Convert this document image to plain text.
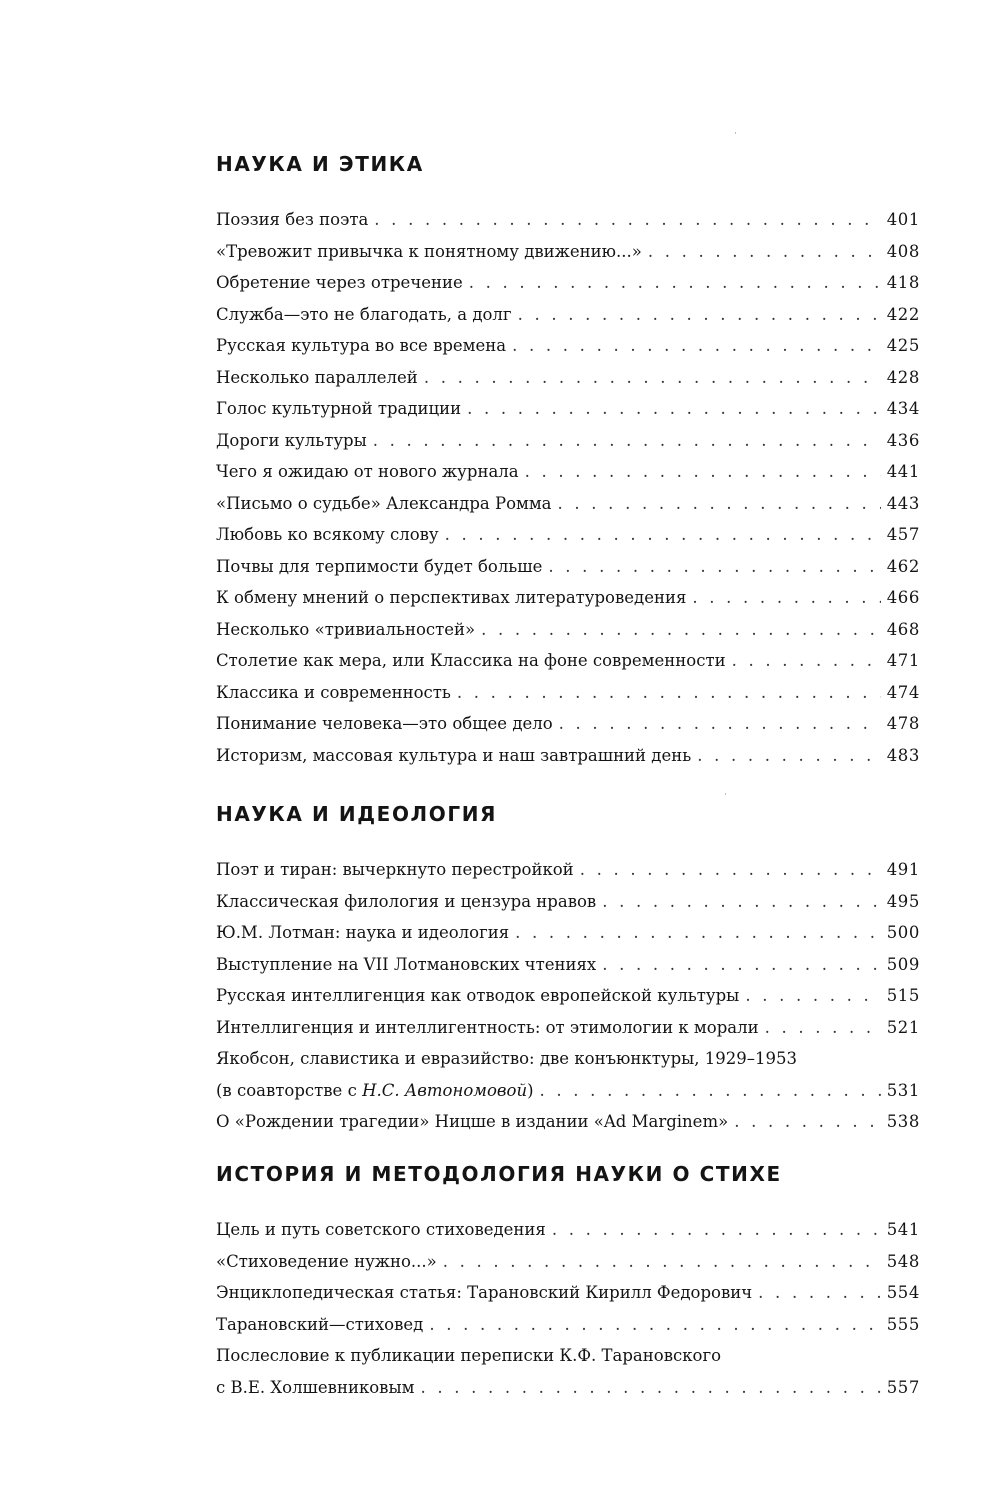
НАУКА И ЭТИКА
Поэзия без поэта . . .	401
«Тревожит привычка к понятному движению...» . . .	408
Обретение через отречение . . .	418
Служба—это не благодать, а долг . . .	422
Русская культура во все времена . . .	425
Несколько параллелей . . .	428
Голос культурной традиции . . .	434
Дороги культуры . . .	436
Чего я ожидаю от нового журнала . . .	441
«Письмо о судьбе» Александра Ромма . . .	443
Любовь ко всякому слову . . .	457
Почвы для терпимости будет больше . . .	462
К обмену мнений о перспективах литературоведения . . .	466
Несколько «тривиальностей» . . .	468
Столетие как мера, или Классика на фоне современности . . .	471
Классика и современность . . .	474
Понимание человека—это общее дело . . .	478
Историзм, массовая культура и наш завтрашний день . . .	483
НАУКА И ИДЕОЛОГИЯ
Поэт и тиран: вычеркнуто перестройкой . . .	491
Классическая филология и цензура нравов . . .	495
Ю.М. Лотман: наука и идеология . . .	500
Выступление на VII Лотмановских чтениях . . .	509
Русская интеллигенция как отводок европейской культуры . . .	515
Интеллигенция и интеллигентность: от этимологии к морали . . .	521
Якобсон, славистика и евразийство: две конъюнктуры, 1929–1953
(в соавторстве с Н.С. Автономовой) . . .	531
О «Рождении трагедии» Ницше в издании «Ad Marginem» . . .	538
ИСТОРИЯ И МЕТОДОЛОГИЯ НАУКИ О СТИХЕ
Цель и путь советского стиховедения . . .	541
«Стиховедение нужно...» . . .	548
Энциклопедическая статья: Тарановский Кирилл Федорович . . .	554
Тарановский—стиховед . . .	555
Послесловие к публикации переписки К.Ф. Тарановского
с В.Е. Холшевниковым . . .	557
